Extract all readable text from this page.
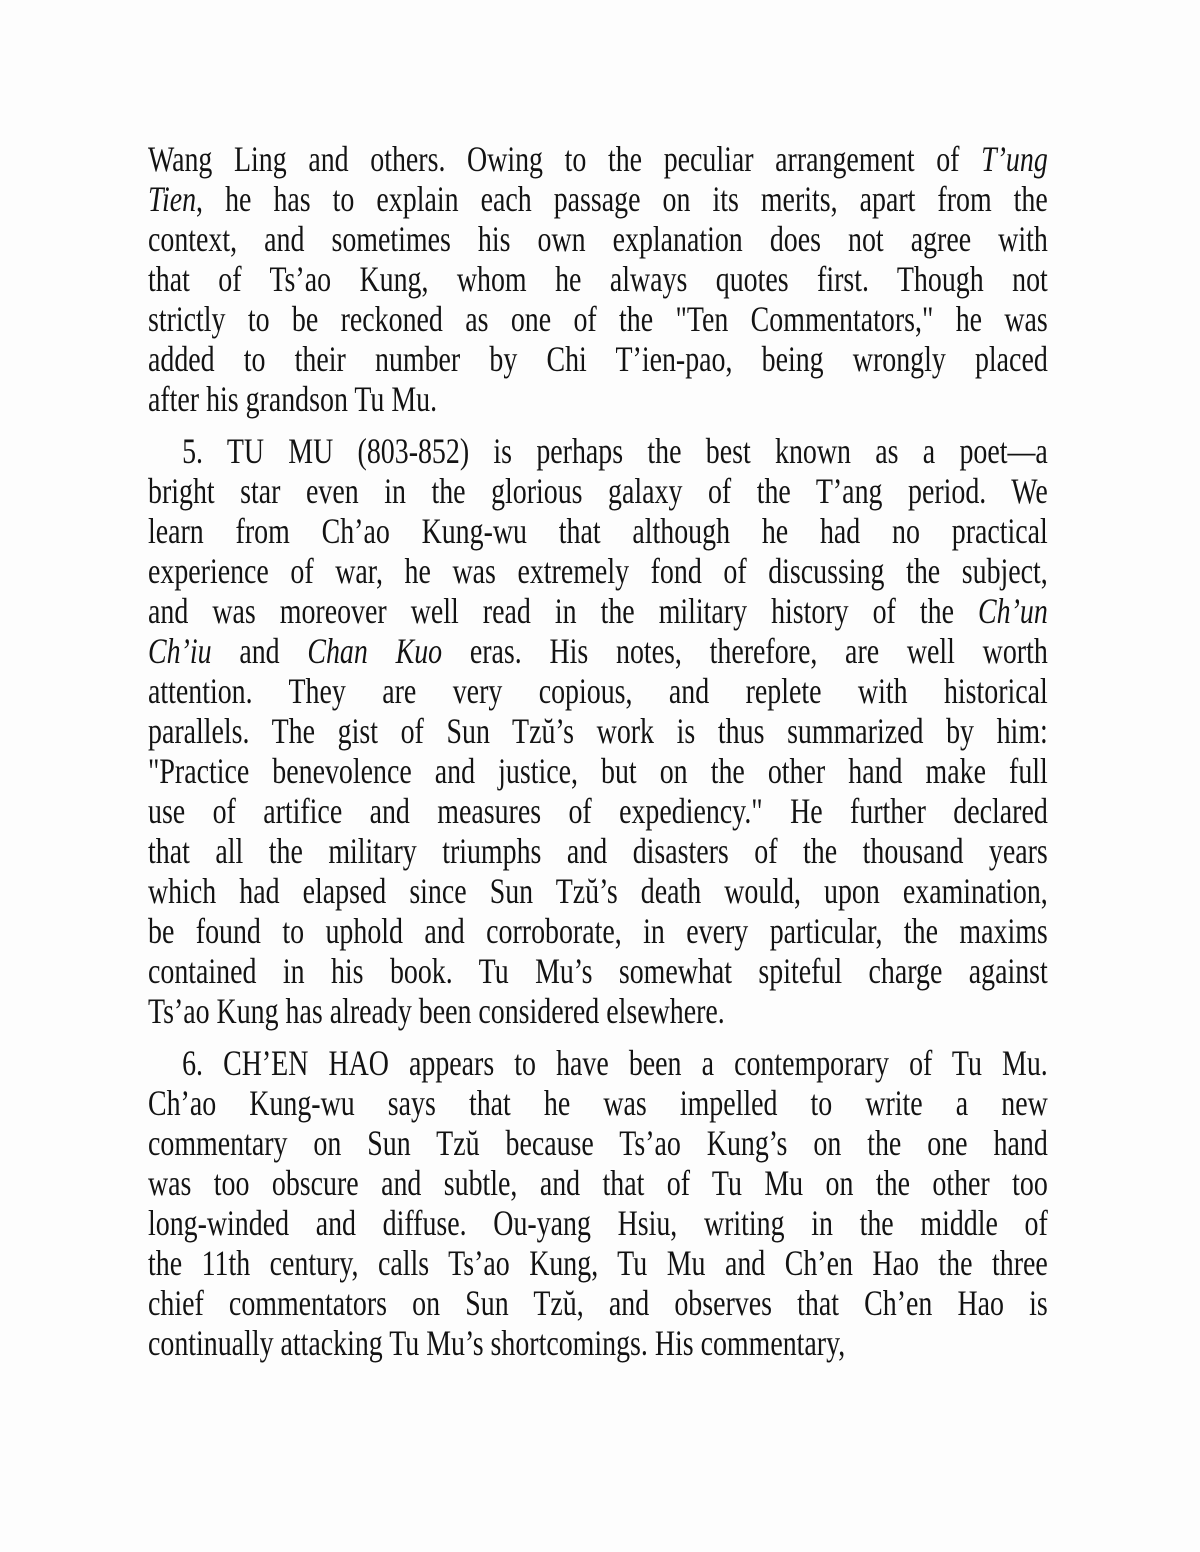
Wang Ling and others. Owing to the peculiar arrangement of T’ung
Tien, he has to explain each passage on its merits, apart from the
context, and sometimes his own explanation does not agree with
that of Ts’ao Kung, whom he always quotes first. Though not
strictly to be reckoned as one of the "Ten Commentators," he was
added to their number by Chi T’ien-pao, being wrongly placed
after his grandson Tu Mu.
5. TU MU (803-852) is perhaps the best known as a poet—a
bright star even in the glorious galaxy of the T’ang period. We
learn from Ch’ao Kung-wu that although he had no practical
experience of war, he was extremely fond of discussing the subject,
and was moreover well read in the military history of the Ch’un
Ch’iu and Chan Kuo eras. His notes, therefore, are well worth
attention. They are very copious, and replete with historical
parallels. The gist of Sun Tzŭ’s work is thus summarized by him:
"Practice benevolence and justice, but on the other hand make full
use of artifice and measures of expediency." He further declared
that all the military triumphs and disasters of the thousand years
which had elapsed since Sun Tzŭ’s death would, upon examination,
be found to uphold and corroborate, in every particular, the maxims
contained in his book. Tu Mu’s somewhat spiteful charge against
Ts’ao Kung has already been considered elsewhere.
6. CH’EN HAO appears to have been a contemporary of Tu Mu.
Ch’ao Kung-wu says that he was impelled to write a new
commentary on Sun Tzŭ because Ts’ao Kung’s on the one hand
was too obscure and subtle, and that of Tu Mu on the other too
long-winded and diffuse. Ou-yang Hsiu, writing in the middle of
the 11th century, calls Ts’ao Kung, Tu Mu and Ch’en Hao the three
chief commentators on Sun Tzŭ, and observes that Ch’en Hao is
continually attacking Tu Mu’s shortcomings. His commentary,
